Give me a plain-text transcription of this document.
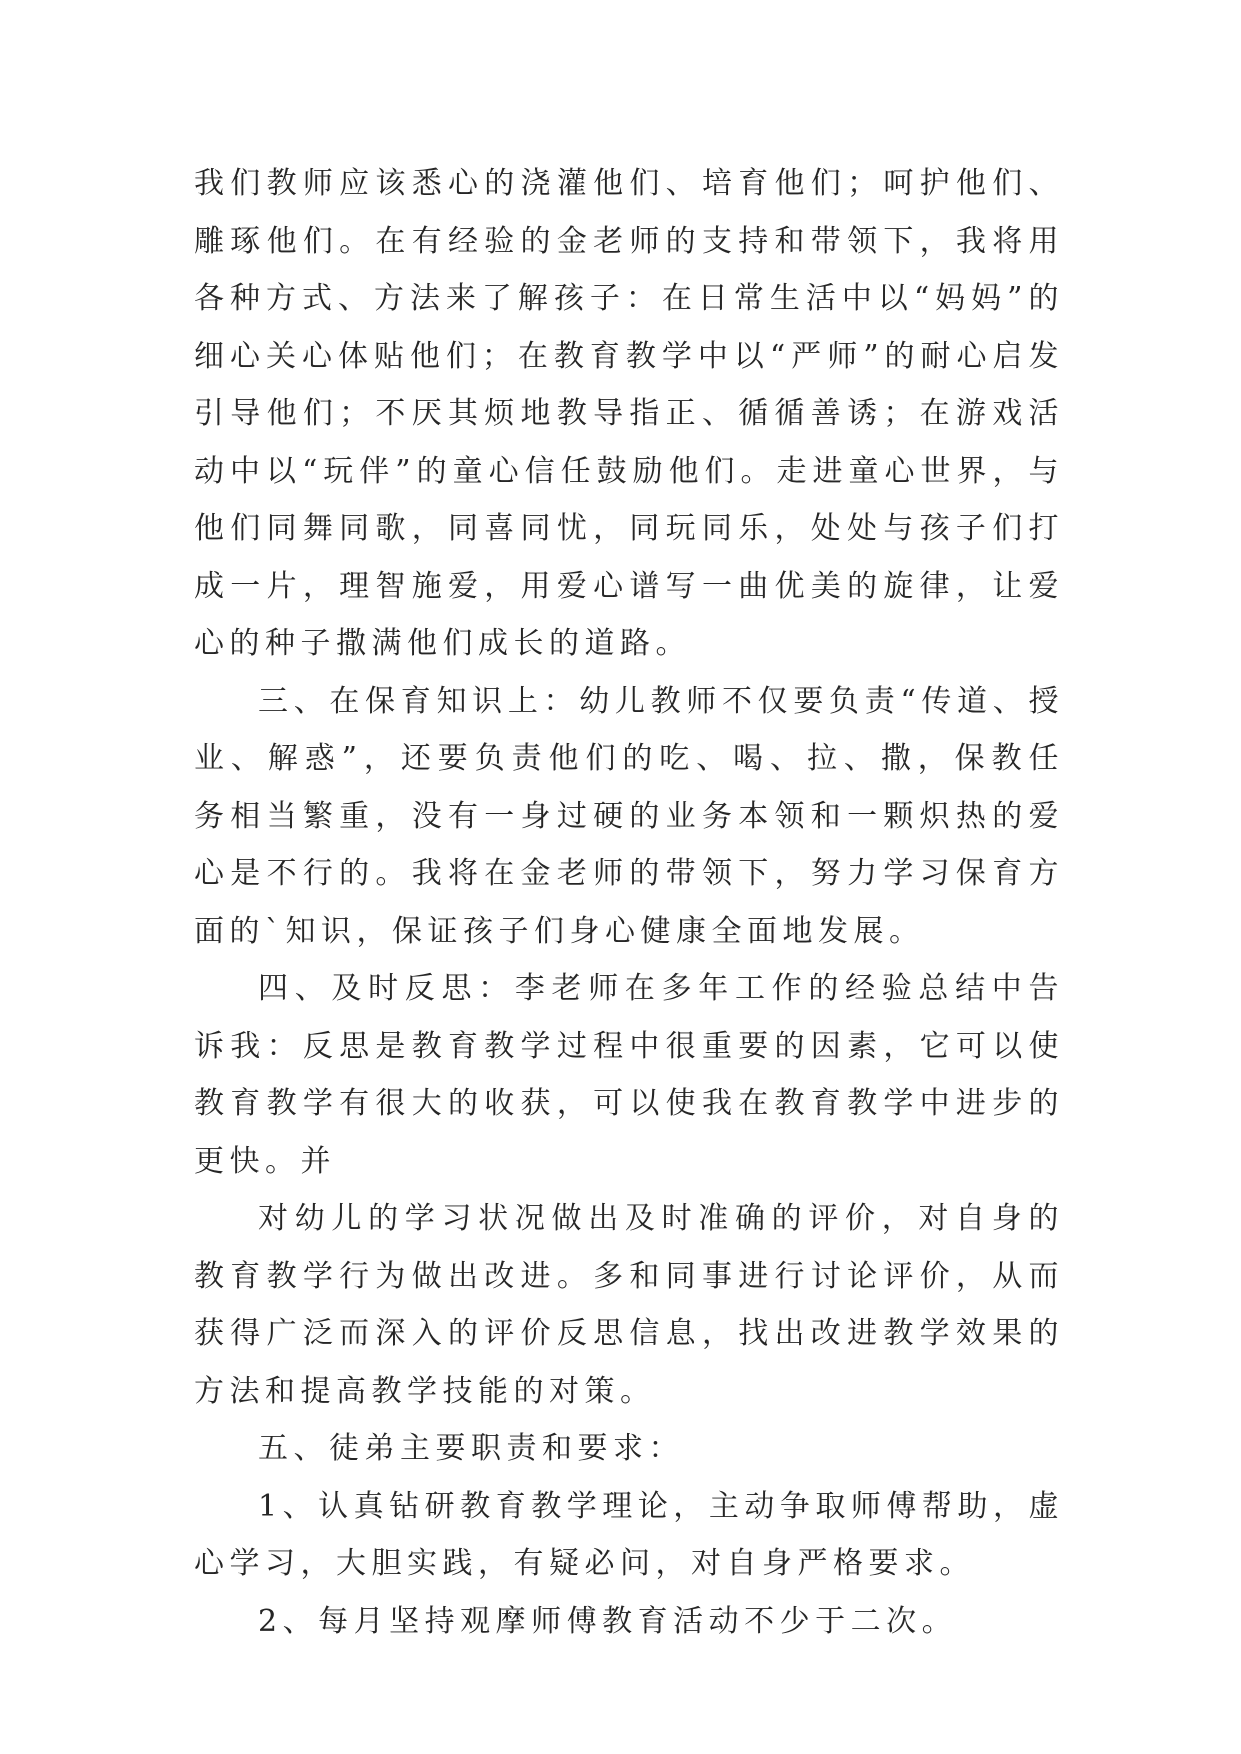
我们教师应该悉心的浇灌他们、培育他们；呵护他们、雕琢他们。在有经验的金老师的支持和带领下，我将用各种方式、方法来了解孩子：在日常生活中以“妈妈”的细心关心体贴他们；在教育教学中以“严师”的耐心启发引导他们；不厌其烦地教导指正、循循善诱；在游戏活动中以“玩伴”的童心信任鼓励他们。走进童心世界，与他们同舞同歌，同喜同忧，同玩同乐，处处与孩子们打成一片，理智施爱，用爱心谱写一曲优美的旋律，让爱心的种子撒满他们成长的道路。

三、在保育知识上：幼儿教师不仅要负责“传道、授业、解惑”，还要负责他们的吃、喝、拉、撒，保教任务相当繁重，没有一身过硬的业务本领和一颗炽热的爱心是不行的。我将在金老师的带领下，努力学习保育方面的`知识，保证孩子们身心健康全面地发展。

四、及时反思：李老师在多年工作的经验总结中告诉我：反思是教育教学过程中很重要的因素，它可以使教育教学有很大的收获，可以使我在教育教学中进步的更快。并

对幼儿的学习状况做出及时准确的评价，对自身的教育教学行为做出改进。多和同事进行讨论评价，从而获得广泛而深入的评价反思信息，找出改进教学效果的方法和提高教学技能的对策。

五、徒弟主要职责和要求：

1、认真钻研教育教学理论，主动争取师傅帮助，虚心学习，大胆实践，有疑必问，对自身严格要求。

2、每月坚持观摩师傅教育活动不少于二次。
